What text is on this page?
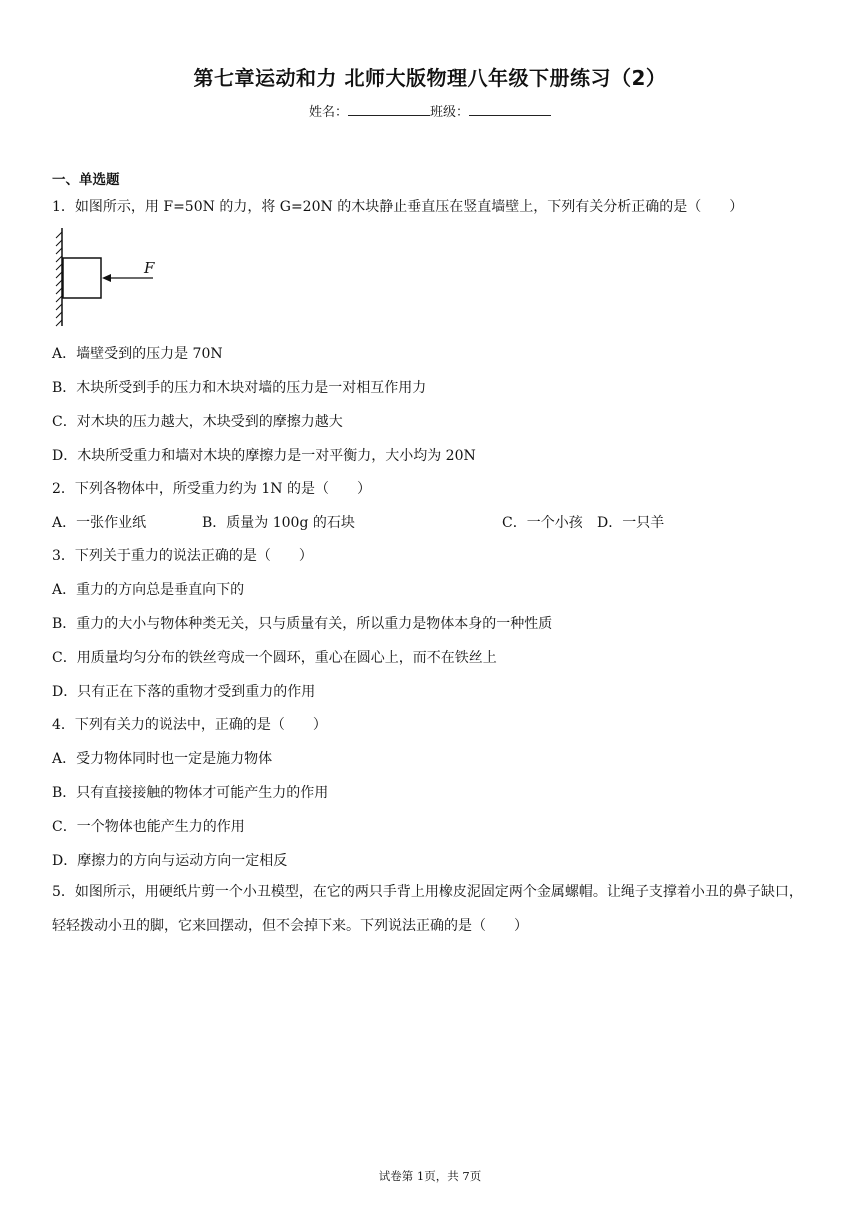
第七章运动和力 北师大版物理八年级下册练习（2）
姓名：	班级：
一、单选题
1．如图所示，用 F=50N 的力，将 G=20N 的木块静止垂直压在竖直墙壁上，下列有关分析正确的是（　　）
F
A．墙壁受到的压力是 70N
B．木块所受到手的压力和木块对墙的压力是一对相互作用力
C．对木块的压力越大，木块受到的摩擦力越大
D．木块所受重力和墙对木块的摩擦力是一对平衡力，大小均为 20N
2．下列各物体中，所受重力约为 1N 的是（　　）
A．一张作业纸	B．质量为 100g 的石块	C．一个小孩 D．一只羊
3．下列关于重力的说法正确的是（　　）
A．重力的方向总是垂直向下的
B．重力的大小与物体种类无关，只与质量有关，所以重力是物体本身的一种性质
C．用质量均匀分布的铁丝弯成一个圆环，重心在圆心上，而不在铁丝上
D．只有正在下落的重物才受到重力的作用
4．下列有关力的说法中，正确的是（　　）
A．受力物体同时也一定是施力物体
B．只有直接接触的物体才可能产生力的作用
C．一个物体也能产生力的作用
D．摩擦力的方向与运动方向一定相反
5．如图所示，用硬纸片剪一个小丑模型，在它的两只手背上用橡皮泥固定两个金属螺帽。让绳子支撑着小丑的鼻子缺口，轻轻拨动小丑的脚，它来回摆动，但不会掉下来。下列说法正确的是（　　）
试卷第 1页，共 7页
